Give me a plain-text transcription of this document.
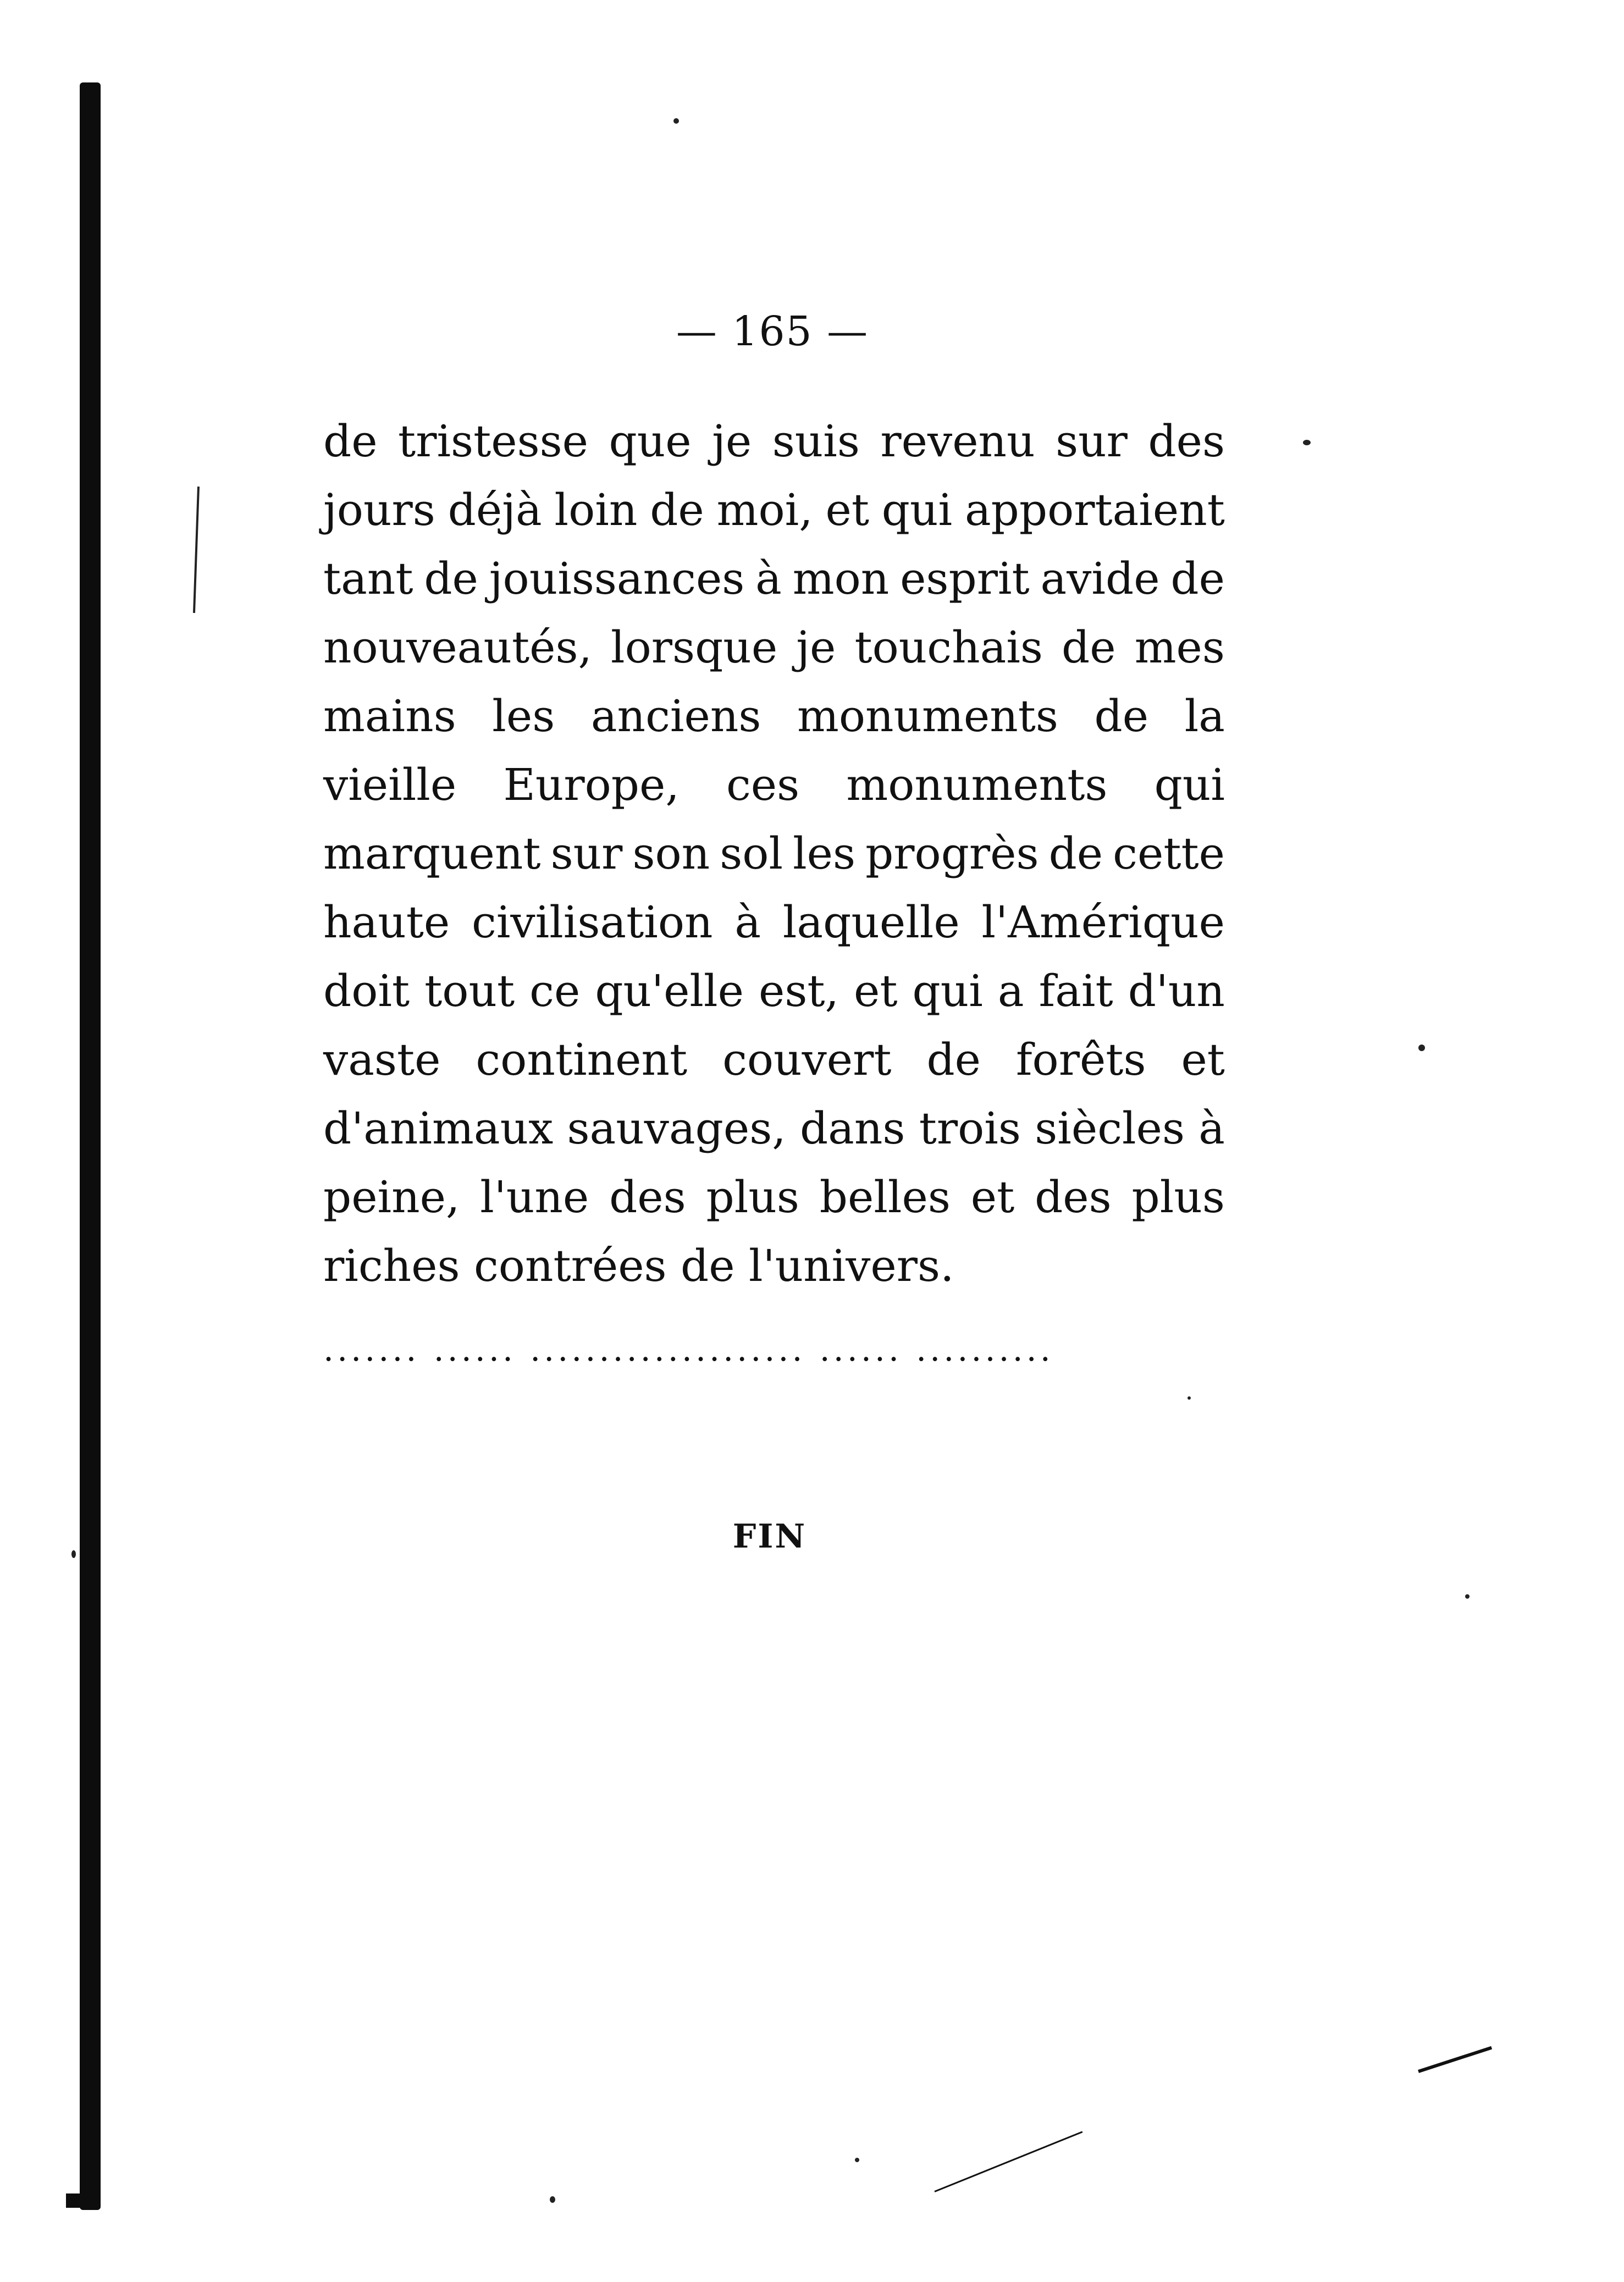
— 165 —
de tristesse que je suis revenu sur des
jours déjà loin de moi, et qui apportaient
tant de jouissances à mon esprit avide de
nouveautés, lorsque je touchais de mes
mains les anciens monuments de la
vieille Europe, ces monuments qui
marquent sur son sol les progrès de cette
haute civilisation à laquelle l'Amérique
doit tout ce qu'elle est, et qui a fait d'un
vaste continent couvert de forêts et
d'animaux sauvages, dans trois siècles à
peine, l'une des plus belles et des plus
riches contrées de l'univers.
....... ...... .................... ...... ..........
FIN
